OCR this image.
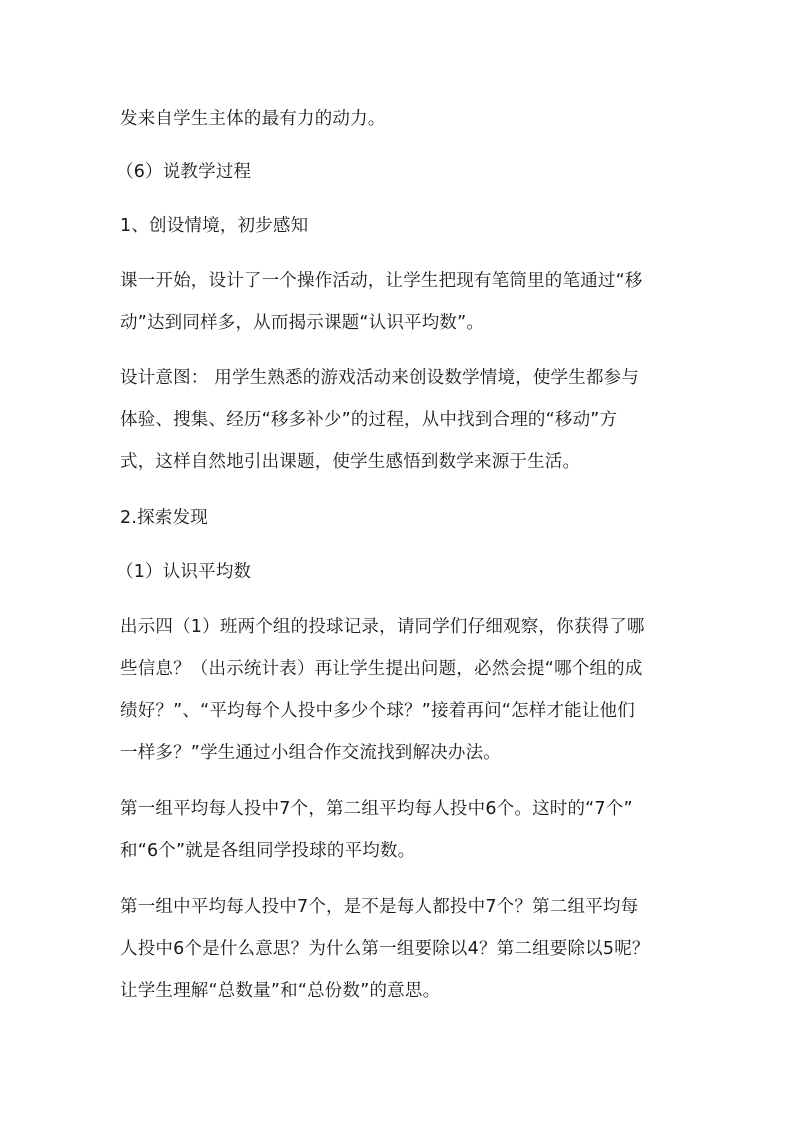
发来自学生主体的最有力的动力。
（6）说教学过程
1、创设情境，初步感知
课一开始，设计了一个操作活动，让学生把现有笔筒里的笔通过“移
动”达到同样多，从而揭示课题“认识平均数”。
设计意图： 用学生熟悉的游戏活动来创设数学情境，使学生都参与
体验、搜集、经历“移多补少”的过程，从中找到合理的“移动”方
式，这样自然地引出课题，使学生感悟到数学来源于生活。
2.探索发现
（1）认识平均数
出示四（1）班两个组的投球记录，请同学们仔细观察，你获得了哪
些信息？（出示统计表）再让学生提出问题，必然会提“哪个组的成
绩好？”、“平均每个人投中多少个球？”接着再问“怎样才能让他们
一样多？”学生通过小组合作交流找到解决办法。
第一组平均每人投中7个，第二组平均每人投中6个。这时的“7个”
和“6个”就是各组同学投球的平均数。
第一组中平均每人投中7个，是不是每人都投中7个？第二组平均每
人投中6个是什么意思？为什么第一组要除以4？第二组要除以5呢？
让学生理解“总数量”和“总份数”的意思。
